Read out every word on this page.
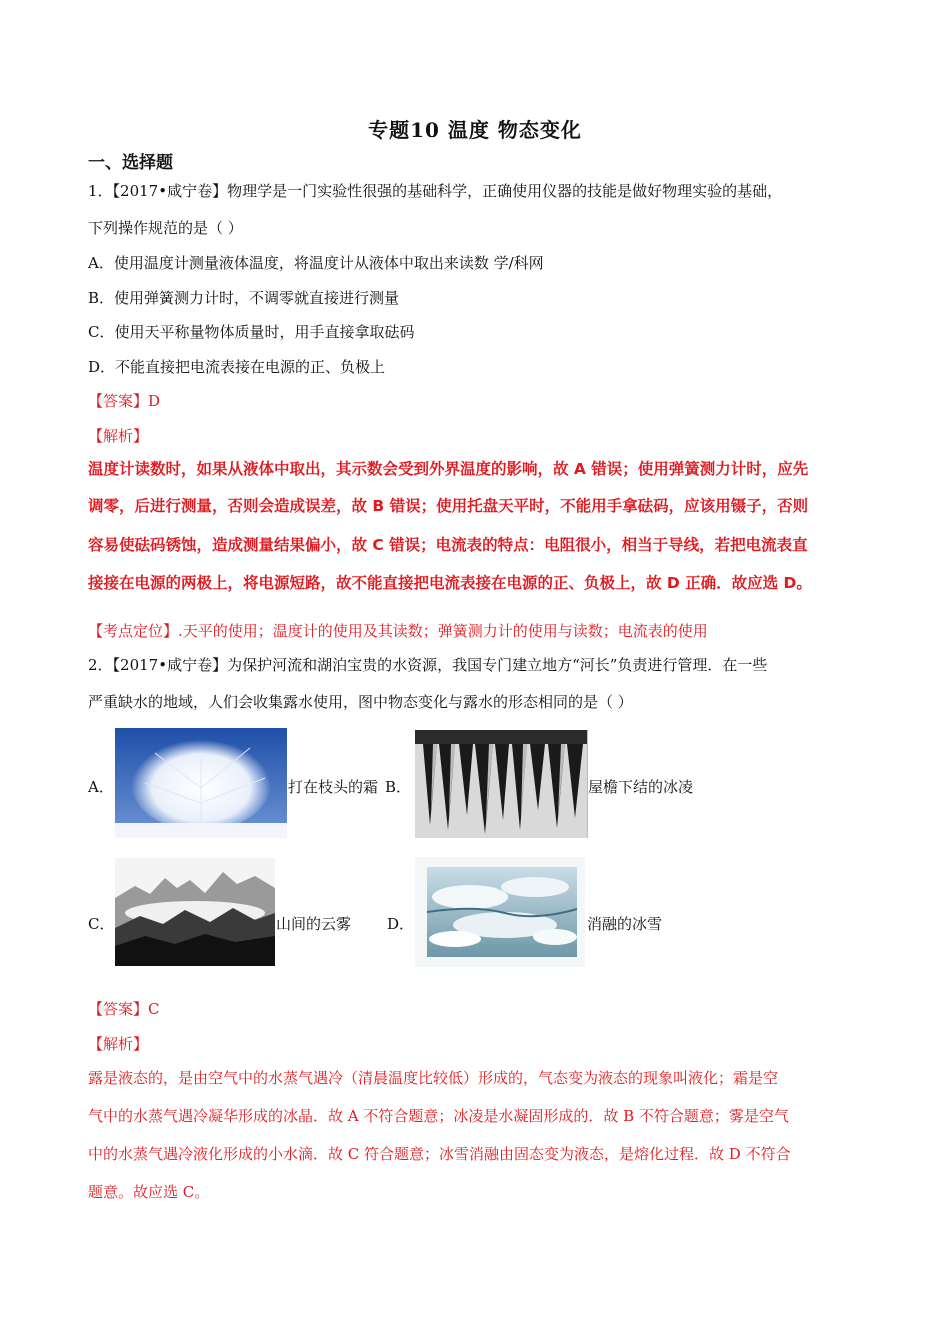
专题10 温度 物态变化
一、选择题
1．【2017•咸宁卷】物理学是一门实验性很强的基础科学，正确使用仪器的技能是做好物理实验的基础，
下列操作规范的是（ ）
A．使用温度计测量液体温度，将温度计从液体中取出来读数 学/科网
B．使用弹簧测力计时，不调零就直接进行测量
C．使用天平称量物体质量时，用手直接拿取砝码
D．不能直接把电流表接在电源的正、负极上
【答案】D
【解析】
温度计读数时，如果从液体中取出，其示数会受到外界温度的影响，故 A 错误；使用弹簧测力计时，应先
调零，后进行测量，否则会造成误差，故 B 错误；使用托盘天平时，不能用手拿砝码，应该用镊子，否则
容易使砝码锈蚀，造成测量结果偏小，故 C 错误；电流表的特点：电阻很小，相当于导线，若把电流表直
接接在电源的两极上，将电源短路，故不能直接把电流表接在电源的正、负极上，故 D 正确．故应选 D。
【考点定位】.天平的使用；温度计的使用及其读数；弹簧测力计的使用与读数；电流表的使用
2．【2017•咸宁卷】为保护河流和湖泊宝贵的水资源，我国专门建立地方“河长”负责进行管理．在一些
严重缺水的地域，人们会收集露水使用，图中物态变化与露水的形态相同的是（ ）
A．	打在枝头的霜 B．	屋檐下结的冰凌
C．	山间的云雾 D．	消融的冰雪
【答案】C
【解析】
露是液态的，是由空气中的水蒸气遇冷（清晨温度比较低）形成的，气态变为液态的现象叫液化；霜是空
气中的水蒸气遇冷凝华形成的冰晶．故 A 不符合题意；冰凌是水凝固形成的．故 B 不符合题意；雾是空气
中的水蒸气遇冷液化形成的小水滴．故 C 符合题意；冰雪消融由固态变为液态，是熔化过程．故 D 不符合
题意。故应选 C。
